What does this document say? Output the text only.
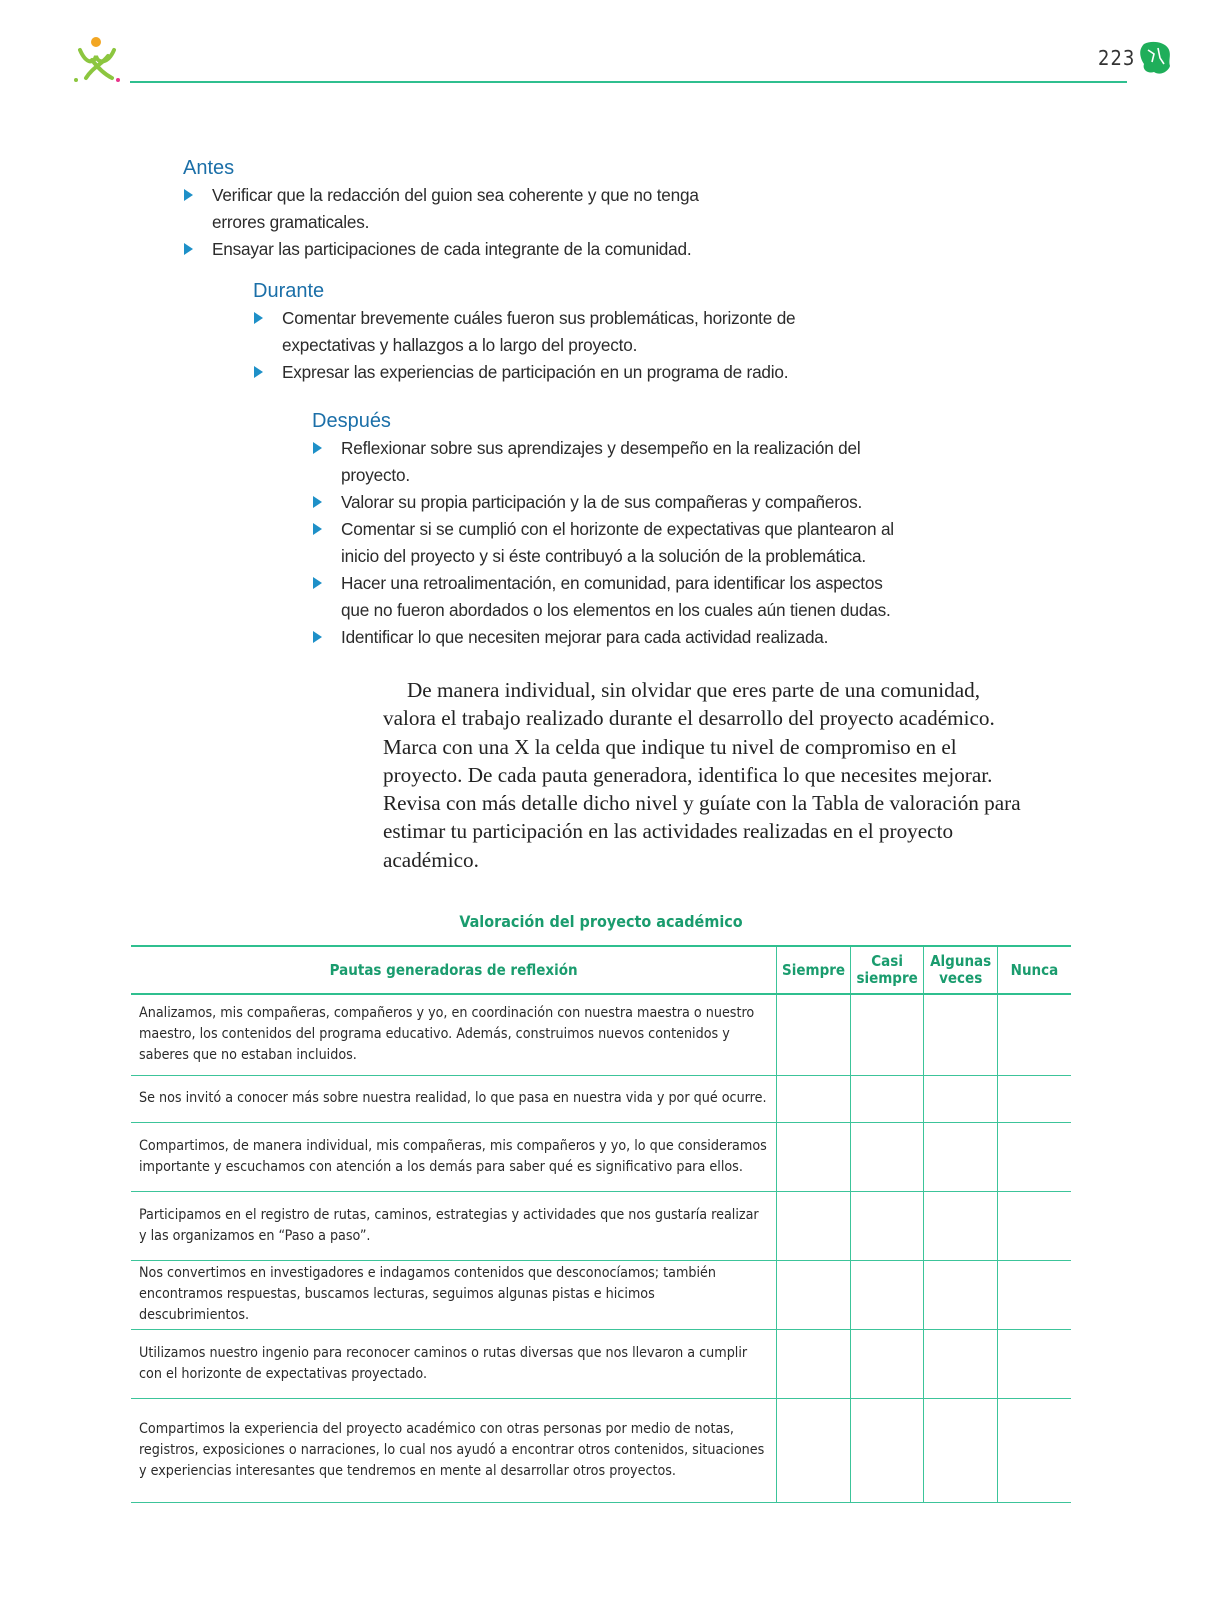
223
Antes
Verificar que la redacción del guion sea coherente y que no tenga errores gramaticales.
Ensayar las participaciones de cada integrante de la comunidad.
Durante
Comentar brevemente cuáles fueron sus problemáticas, horizonte de expectativas y hallazgos a lo largo del proyecto.
Expresar las experiencias de participación en un programa de radio.
Después
Reflexionar sobre sus aprendizajes y desempeño en la realización del proyecto.
Valorar su propia participación y la de sus compañeras y compañeros.
Comentar si se cumplió con el horizonte de expectativas que plantearon al inicio del proyecto y si éste contribuyó a la solución de la problemática.
Hacer una retroalimentación, en comunidad, para identificar los aspectos que no fueron abordados o los elementos en los cuales aún tienen dudas.
Identificar lo que necesiten mejorar para cada actividad realizada.

De manera individual, sin olvidar que eres parte de una comunidad, valora el trabajo realizado durante el desarrollo del proyecto académico. Marca con una X la celda que indique tu nivel de compromiso en el proyecto. De cada pauta generadora, identifica lo que necesites mejorar. Revisa con más detalle dicho nivel y guíate con la Tabla de valoración para estimar tu participación en las actividades realizadas en el proyecto académico.

Valoración del proyecto académico
Pautas generadoras de reflexión	Siempre	Casi siempre	Algunas veces	Nunca
Analizamos, mis compañeras, compañeros y yo, en coordinación con nuestra maestra o nuestro maestro, los contenidos del programa educativo. Además, construimos nuevos contenidos y saberes que no estaban incluidos.				
Se nos invitó a conocer más sobre nuestra realidad, lo que pasa en nuestra vida y por qué ocurre.				
Compartimos, de manera individual, mis compañeras, mis compañeros y yo, lo que consideramos importante y escuchamos con atención a los demás para saber qué es significativo para ellos.				
Participamos en el registro de rutas, caminos, estrategias y actividades que nos gustaría realizar y las organizamos en “Paso a paso”.				
Nos convertimos en investigadores e indagamos contenidos que desconocíamos; también encontramos respuestas, buscamos lecturas, seguimos algunas pistas e hicimos descubrimientos.				
Utilizamos nuestro ingenio para reconocer caminos o rutas diversas que nos llevaron a cumplir con el horizonte de expectativas proyectado.				
Compartimos la experiencia del proyecto académico con otras personas por medio de notas, registros, exposiciones o narraciones, lo cual nos ayudó a encontrar otros contenidos, situaciones y experiencias interesantes que tendremos en mente al desarrollar otros proyectos.				
